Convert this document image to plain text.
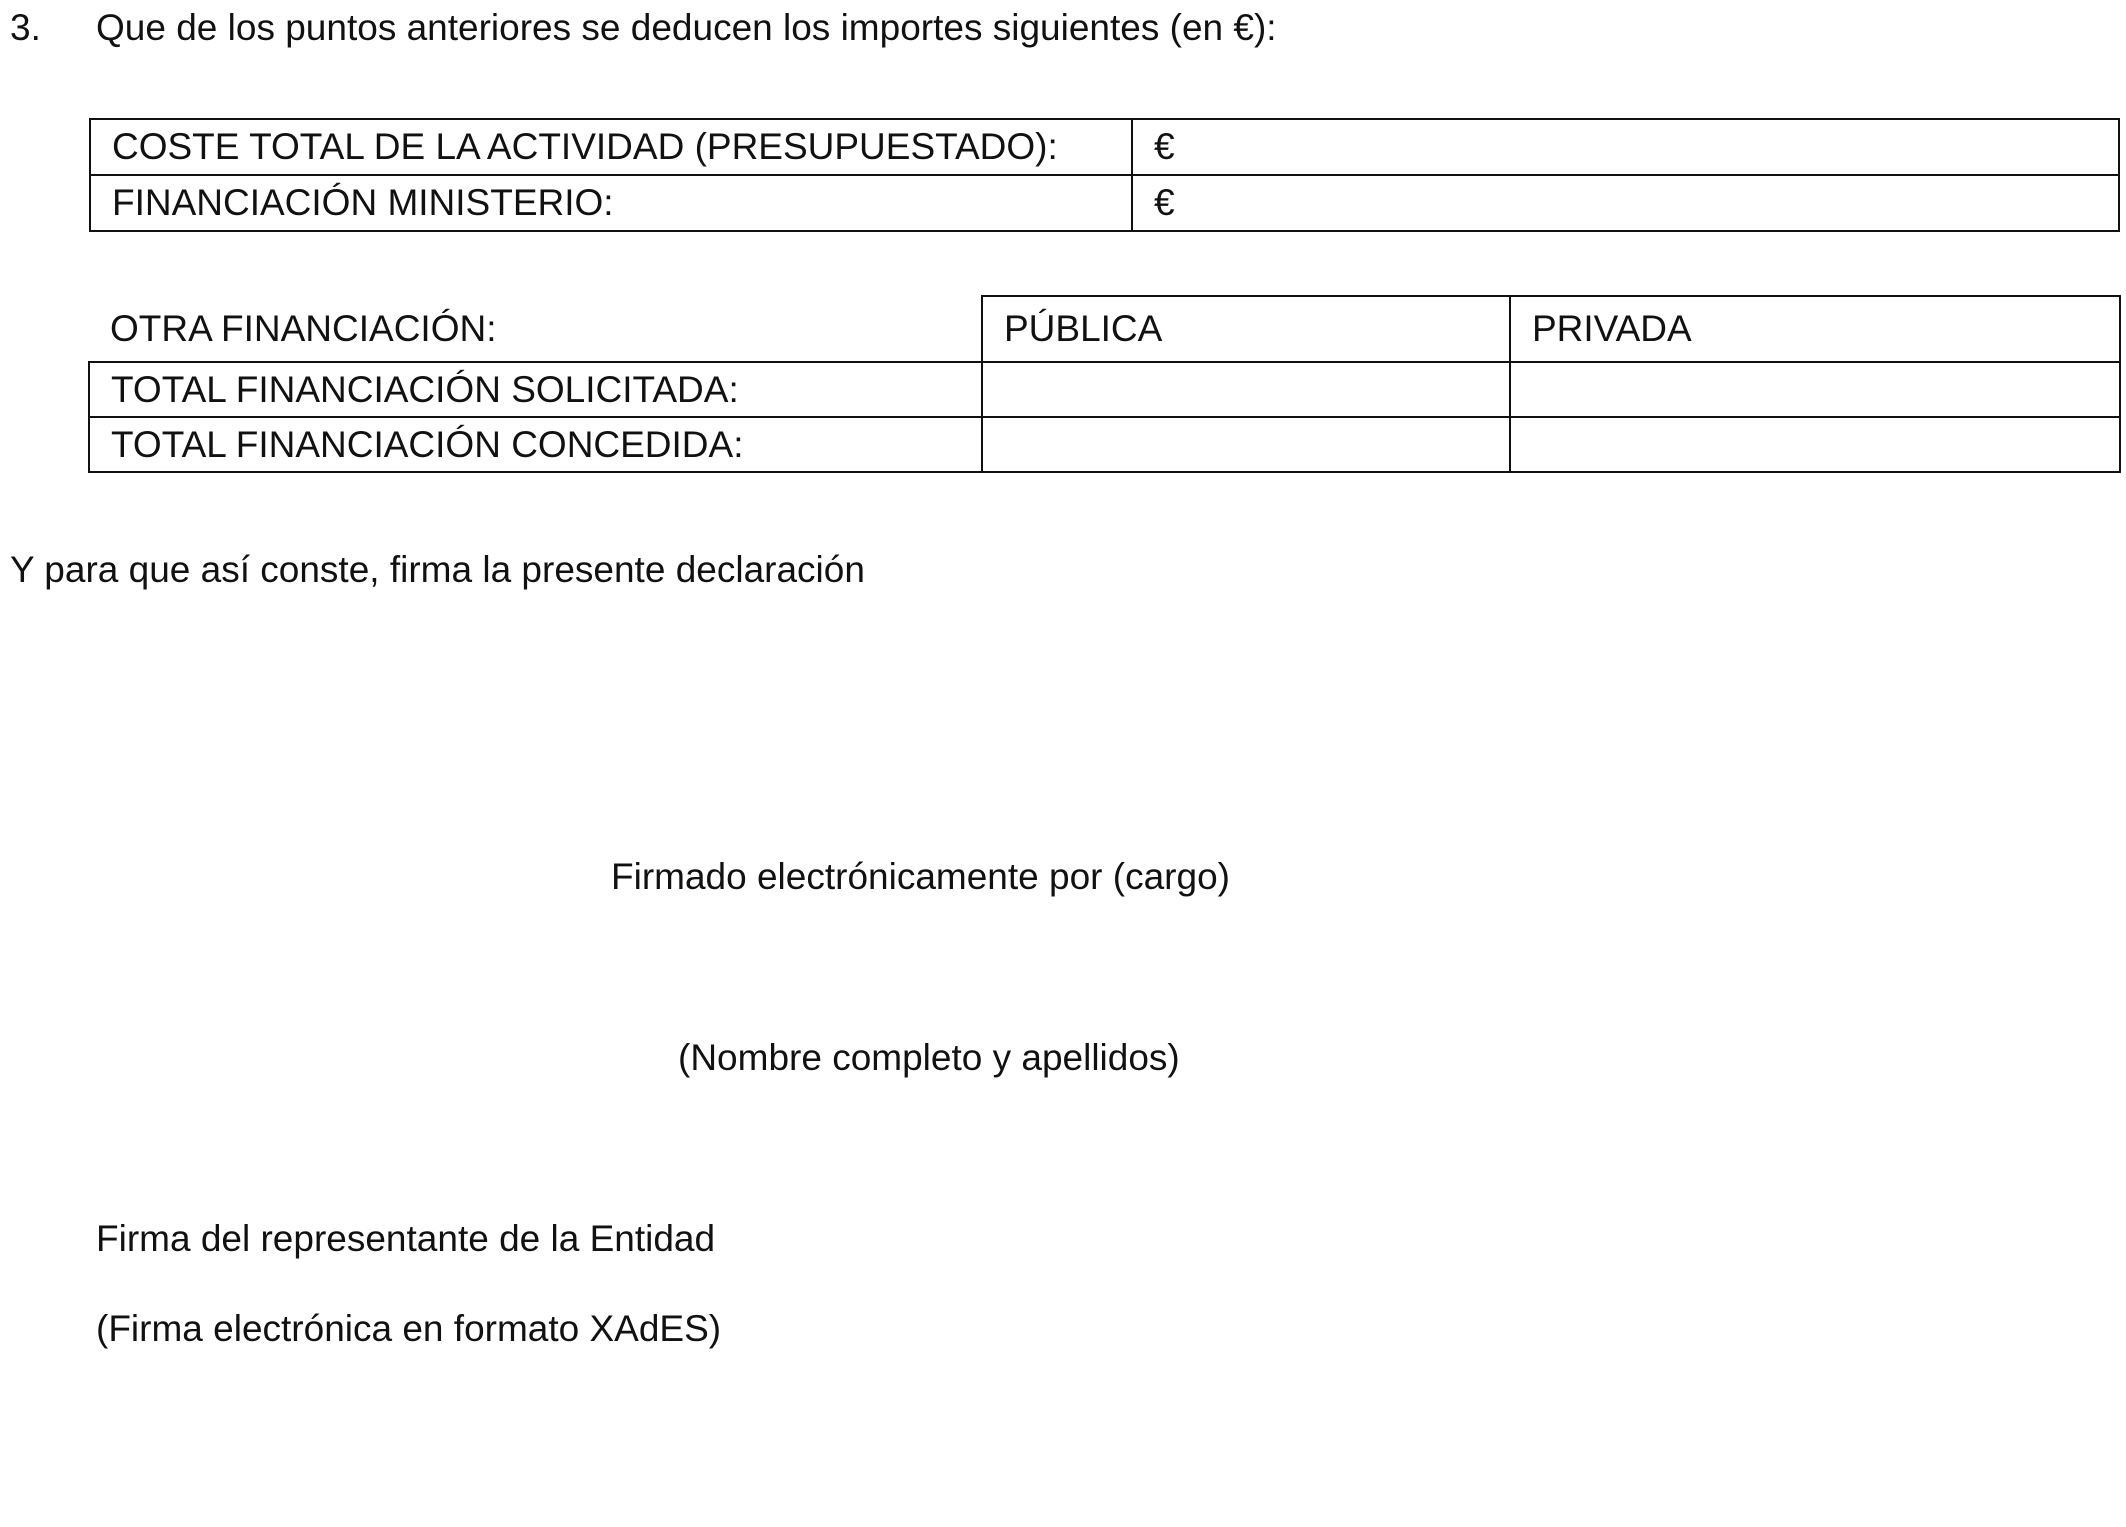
3. Que de los puntos anteriores se deducen los importes siguientes (en €):
COSTE TOTAL DE LA ACTIVIDAD (PRESUPUESTADO):	€
FINANCIACIÓN MINISTERIO:	€
OTRA FINANCIACIÓN:	PÚBLICA	PRIVADA
TOTAL FINANCIACIÓN SOLICITADA:		
TOTAL FINANCIACIÓN CONCEDIDA:		
Y para que así conste, firma la presente declaración
Firmado electrónicamente por (cargo)
(Nombre completo y apellidos)
Firma del representante de la Entidad
(Firma electrónica en formato XAdES)
